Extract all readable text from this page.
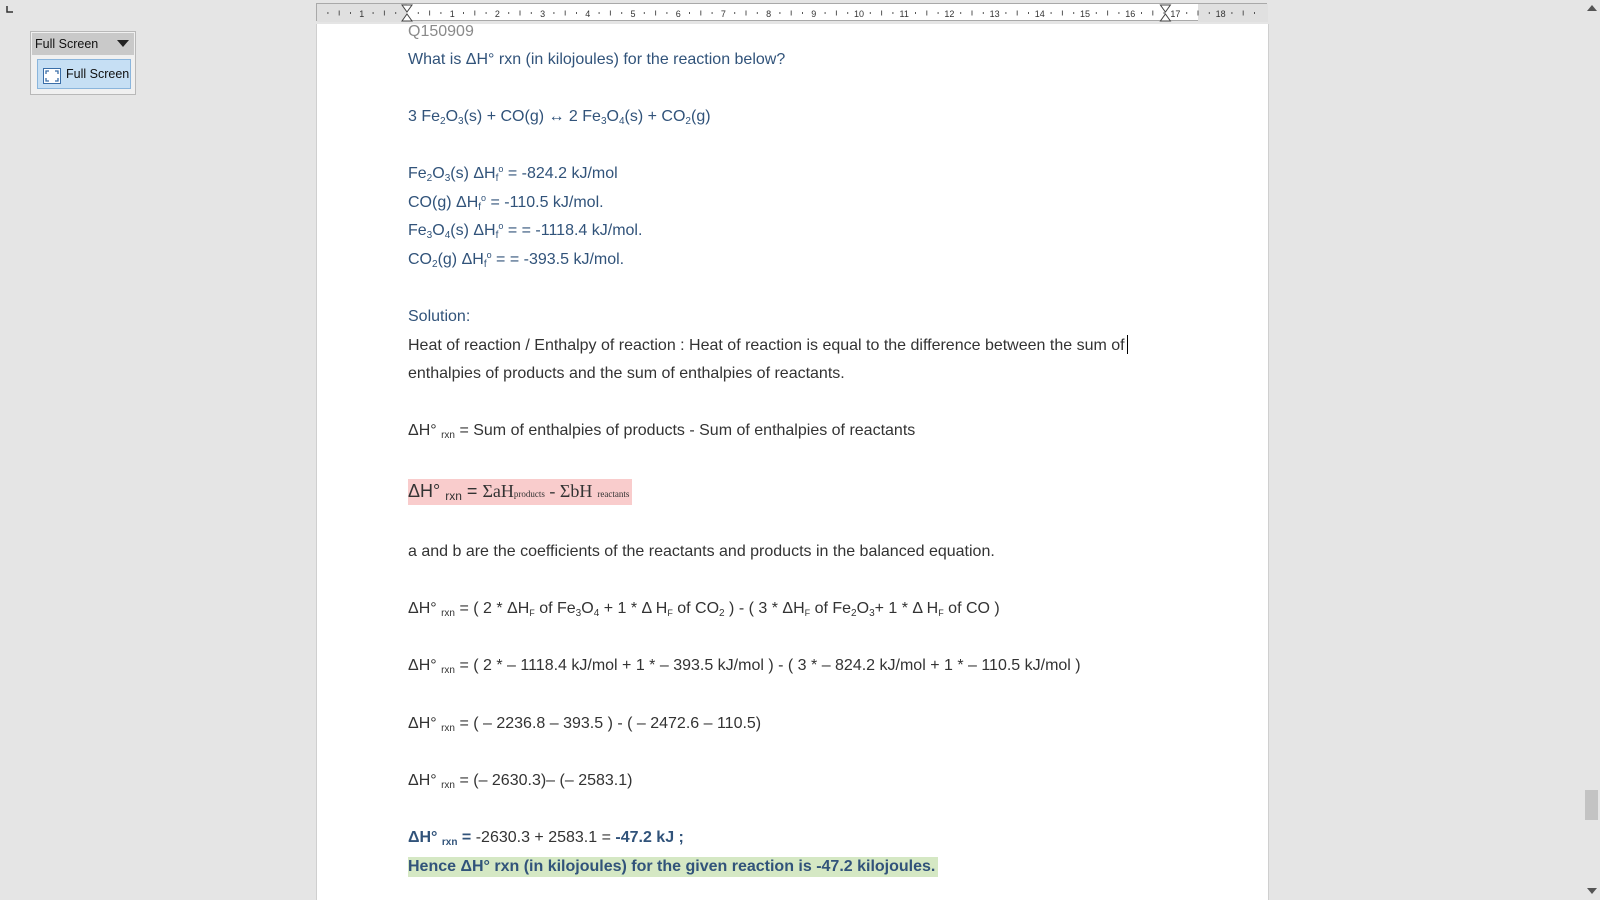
1	1	2	3	4	5	6	7	8	9	10	11	12	13	14	15	16	17	18
Full Screen
Full Screen
Q150909
What is ΔH° rxn (in kilojoules) for the reaction below?
3 $Fe_2O_3(s) + CO(g)$ ↔ 2 $Fe_3O_4(s) + CO_2(g)$
$Fe_2O_3(s) \Delta H_f^o = -824.2$ kJ/mol
CO(g) $\Delta H_f^o = -110.5$ kJ/mol.
$Fe_3O_4(s) \Delta H_f^o$ = = -1118.4 kJ/mol.
$CO_2(g) \Delta H_f^o$ = = -393.5 kJ/mol.
Solution:
Heat of reaction / Enthalpy of reaction : Heat of reaction is equal to the difference between the sum of
enthalpies of products and the sum of enthalpies of reactants.
ΔH° rxn = Sum of enthalpies of products - Sum of enthalpies of reactants
ΔH° rxn = ΣaHproducts - ΣbH reactants
a and b are the coefficients of the reactants and products in the balanced equation.
ΔH° rxn = ( 2 * ΔHF of $Fe_3O_4 + 1 * \Delta$ HF of $CO_2$ ) - ( 3 * ΔHF of $Fe_2O_3+ 1 * \Delta$ HF of CO )
ΔH° rxn = ( 2 * – 1118.4 kJ/mol + 1 * – 393.5 kJ/mol ) - ( 3 * – 824.2 kJ/mol + 1 * – 110.5 kJ/mol )
ΔH° rxn = ( – 2236.8 – 393.5 ) - ( – 2472.6 – 110.5)
ΔH° rxn = (– 2630.3)– (– 2583.1)
ΔH° rxn = -2630.3 + 2583.1 = -47.2 kJ ;
Hence ΔH° rxn (in kilojoules) for the given reaction is -47.2 kilojoules.
